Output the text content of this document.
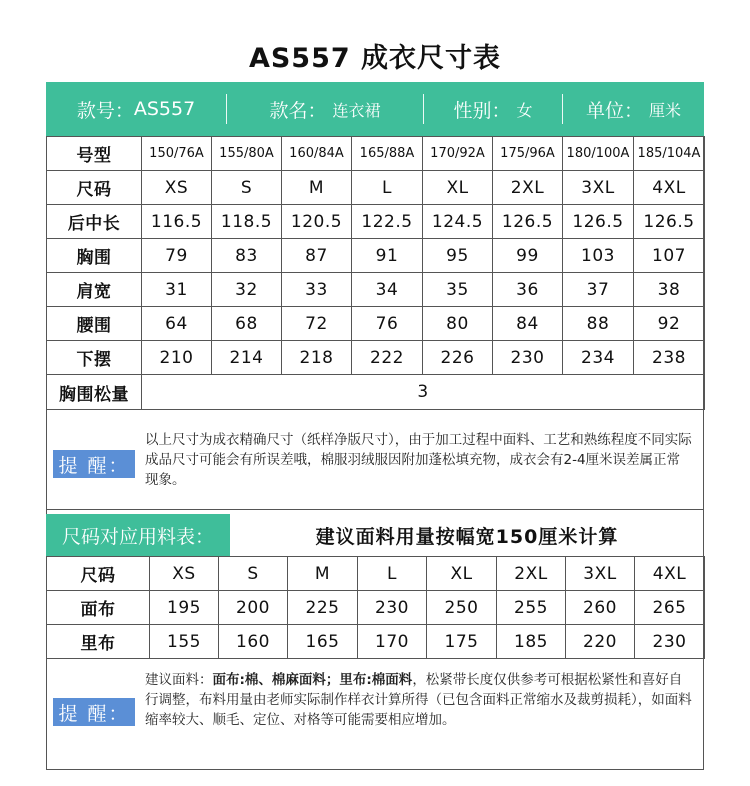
AS557 成衣尺寸表
款号： AS557	款名： 连衣裙	性别： 女	单位： 厘米
号型	150/76A	155/80A	160/84A	165/88A	170/92A	175/96A	180/100A	185/104A
尺码	XS	S	M	L	XL	2XL	3XL	4XL
后中长	116.5	118.5	120.5	122.5	124.5	126.5	126.5	126.5
胸围	79	83	87	91	95	99	103	107
肩宽	31	32	33	34	35	36	37	38
腰围	64	68	72	76	80	84	88	92
下摆	210	214	218	222	226	230	234	238
胸围松量	3							
提 醒：
以上尺寸为成衣精确尺寸（纸样净版尺寸），由于加工过程中面料、工艺和熟练程度不同实际成品尺寸可能会有所误差哦，棉服羽绒服因附加蓬松填充物，成衣会有2-4厘米误差属正常现象。
尺码对应用料表：	建议面料用量按幅宽150厘米计算
尺码	XS	S	M	L	XL	2XL	3XL	4XL
面布	195	200	225	230	250	255	260	265
里布	155	160	165	170	175	185	220	230
提 醒：
建议面料：面布:棉、棉麻面料；里布:棉面料，松紧带长度仅供参考可根据松紧性和喜好自行调整，布料用量由老师实际制作样衣计算所得（已包含面料正常缩水及裁剪损耗），如面料缩率较大、顺毛、定位、对格等可能需要相应增加。
